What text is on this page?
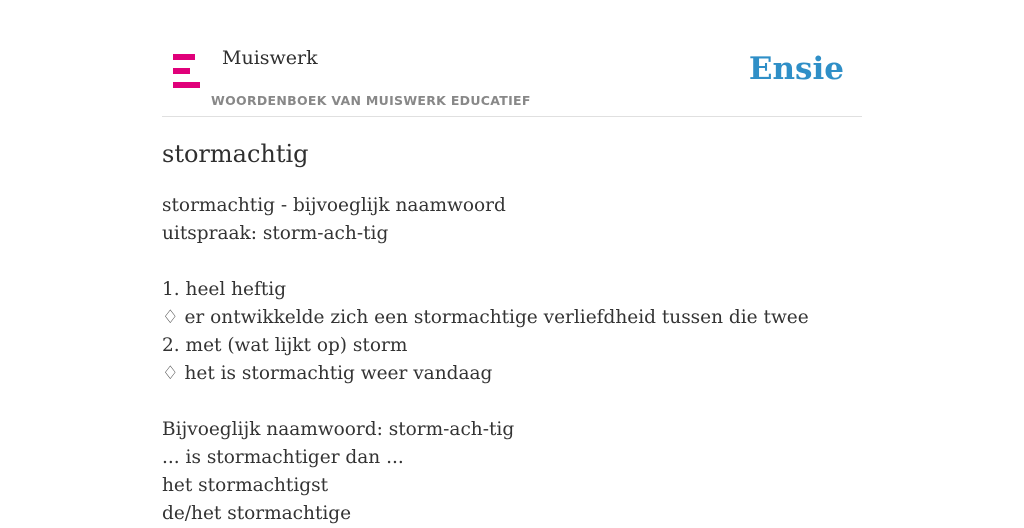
Muiswerk
WOORDENBOEK VAN MUISWERK EDUCATIEF
Ensie
stormachtig
stormachtig - bijvoeglijk naamwoord
uitspraak: storm-ach-tig
1. heel heftig
♢ er ontwikkelde zich een stormachtige verliefdheid tussen die twee
2. met (wat lijkt op) storm
♢ het is stormachtig weer vandaag
Bijvoeglijk naamwoord: storm-ach-tig
... is stormachtiger dan ...
het stormachtigst
de/het stormachtige
